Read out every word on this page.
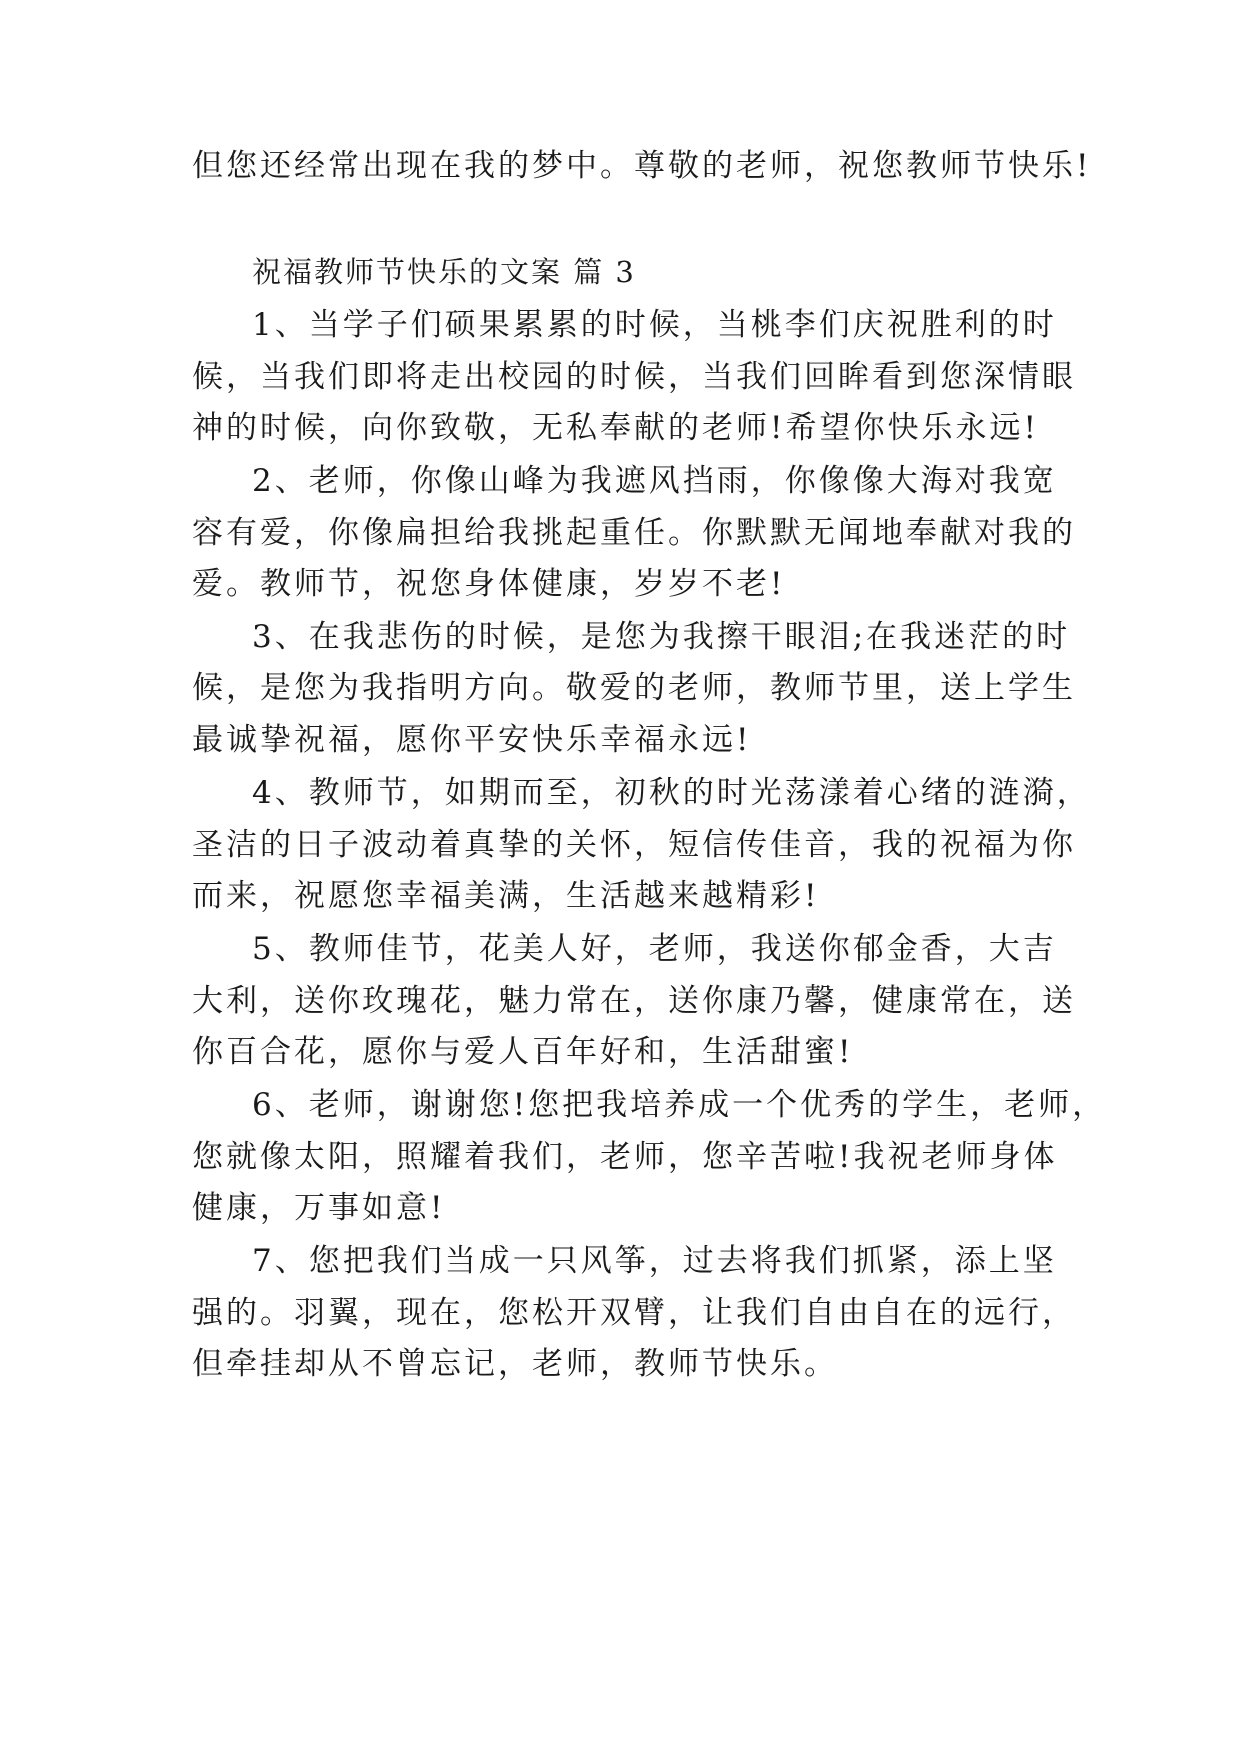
但您还经常出现在我的梦中。尊敬的老师，祝您教师节快乐!
祝福教师节快乐的文案 篇 3
1、当学子们硕果累累的时候，当桃李们庆祝胜利的时
候，当我们即将走出校园的时候，当我们回眸看到您深情眼
神的时候，向你致敬，无私奉献的老师!希望你快乐永远!
2、老师，你像山峰为我遮风挡雨，你像像大海对我宽
容有爱，你像扁担给我挑起重任。你默默无闻地奉献对我的
爱。教师节，祝您身体健康，岁岁不老!
3、在我悲伤的时候，是您为我擦干眼泪;在我迷茫的时
候，是您为我指明方向。敬爱的老师，教师节里，送上学生
最诚挚祝福，愿你平安快乐幸福永远!
4、教师节，如期而至，初秋的时光荡漾着心绪的涟漪，
圣洁的日子波动着真挚的关怀，短信传佳音，我的祝福为你
而来，祝愿您幸福美满，生活越来越精彩!
5、教师佳节，花美人好，老师，我送你郁金香，大吉
大利，送你玫瑰花，魅力常在，送你康乃馨，健康常在，送
你百合花，愿你与爱人百年好和，生活甜蜜!
6、老师，谢谢您!您把我培养成一个优秀的学生，老师，
您就像太阳，照耀着我们，老师，您辛苦啦!我祝老师身体
健康，万事如意!
7、您把我们当成一只风筝，过去将我们抓紧，添上坚
强的。羽翼，现在，您松开双臂，让我们自由自在的远行，
但牵挂却从不曾忘记，老师，教师节快乐。
